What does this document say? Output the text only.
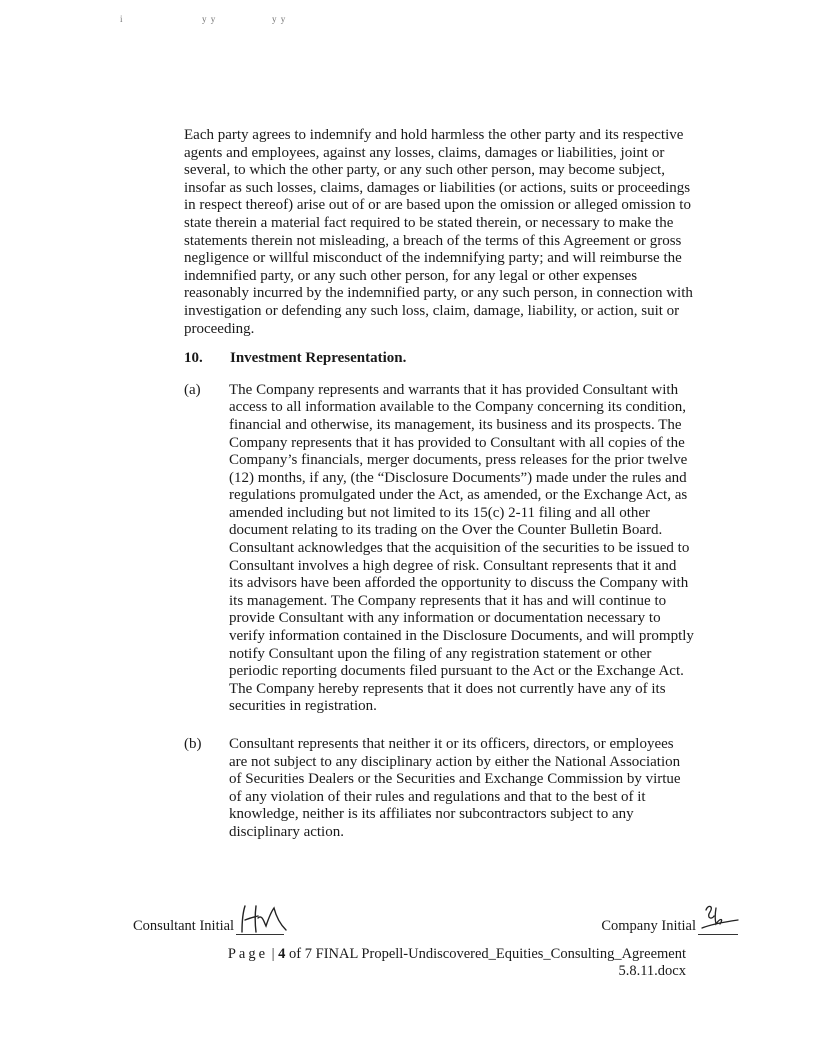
i	y y	y y

Each party agrees to indemnify and hold harmless the other party and its respective agents and employees, against any losses, claims, damages or liabilities, joint or several, to which the other party, or any such other person, may become subject, insofar as such losses, claims, damages or liabilities (or actions, suits or proceedings in respect thereof) arise out of or are based upon the omission or alleged omission to state therein a material fact required to be stated therein, or necessary to make the statements therein not misleading, a breach of the terms of this Agreement or gross negligence or willful misconduct of the indemnifying party; and will reimburse the indemnified party, or any such other person, for any legal or other expenses reasonably incurred by the indemnified party, or any such person, in connection with investigation or defending any such loss, claim, damage, liability, or action, suit or proceeding.

10.	Investment Representation.
(a)	The Company represents and warrants that it has provided Consultant with access to all information available to the Company concerning its condition, financial and otherwise, its management, its business and its prospects. The Company represents that it has provided to Consultant with all copies of the Company’s financials, merger documents, press releases for the prior twelve (12) months, if any, (the “Disclosure Documents”) made under the rules and regulations promulgated under the Act, as amended, or the Exchange Act, as amended including but not limited to its 15(c) 2-11 filing and all other document relating to its trading on the Over the Counter Bulletin Board. Consultant acknowledges that the acquisition of the securities to be issued to Consultant involves a high degree of risk. Consultant represents that it and its advisors have been afforded the opportunity to discuss the Company with its management. The Company represents that it has and will continue to provide Consultant with any information or documentation necessary to verify information contained in the Disclosure Documents, and will promptly notify Consultant upon the filing of any registration statement or other periodic reporting documents filed pursuant to the Act or the Exchange Act. The Company hereby represents that it does not currently have any of its securities in registration.
(b)	Consultant represents that neither it or its officers, directors, or employees are not subject to any disciplinary action by either the National Association of Securities Dealers or the Securities and Exchange Commission by virtue of any violation of their rules and regulations and that to the best of it knowledge, neither is its affiliates nor subcontractors subject to any disciplinary action.
Consultant Initial	Company Initial
Page | 4 of 7 FINAL Propell-Undiscovered_Equities_Consulting_Agreement
5.8.11.docx
